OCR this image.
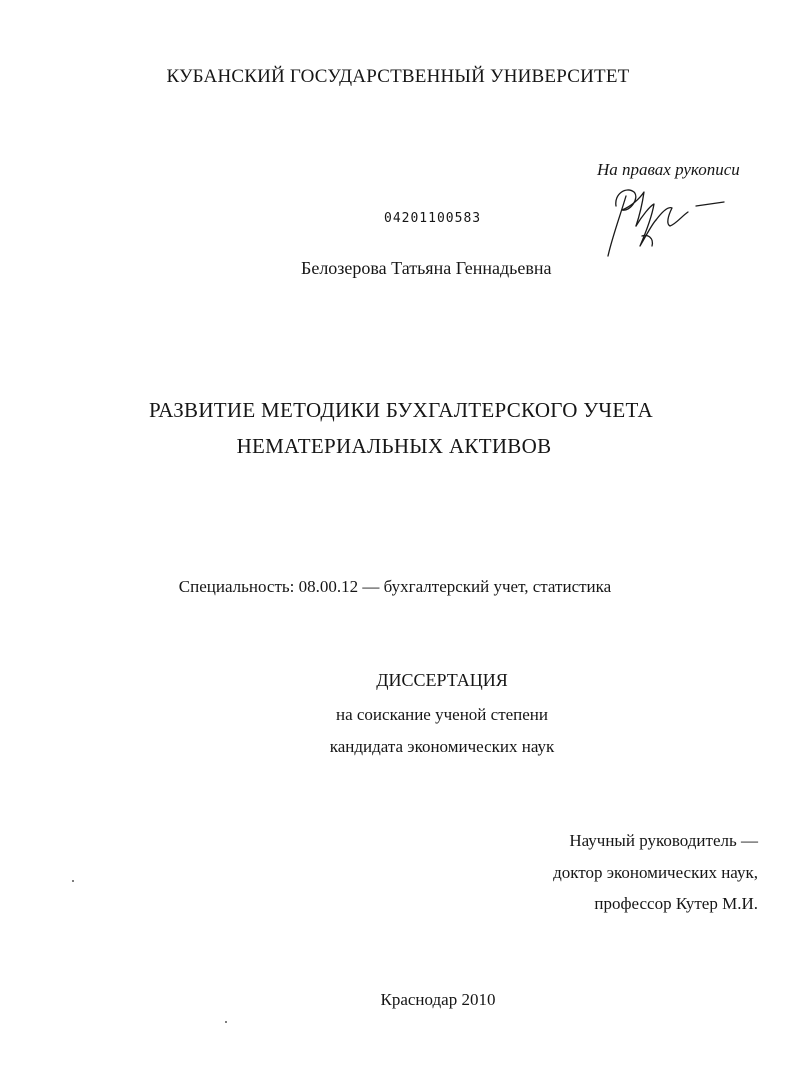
КУБАНСКИЙ ГОСУДАРСТВЕННЫЙ УНИВЕРСИТЕТ
На правах рукописи
04201100583
Белозерова Татьяна Геннадьевна
РАЗВИТИЕ МЕТОДИКИ БУХГАЛТЕРСКОГО УЧЕТА
НЕМАТЕРИАЛЬНЫХ АКТИВОВ
Специальность: 08.00.12 — бухгалтерский учет, статистика
ДИССЕРТАЦИЯ
на соискание ученой степени
кандидата экономических наук
Научный руководитель —
доктор экономических наук,
профессор Кутер М.И.
Краснодар 2010
